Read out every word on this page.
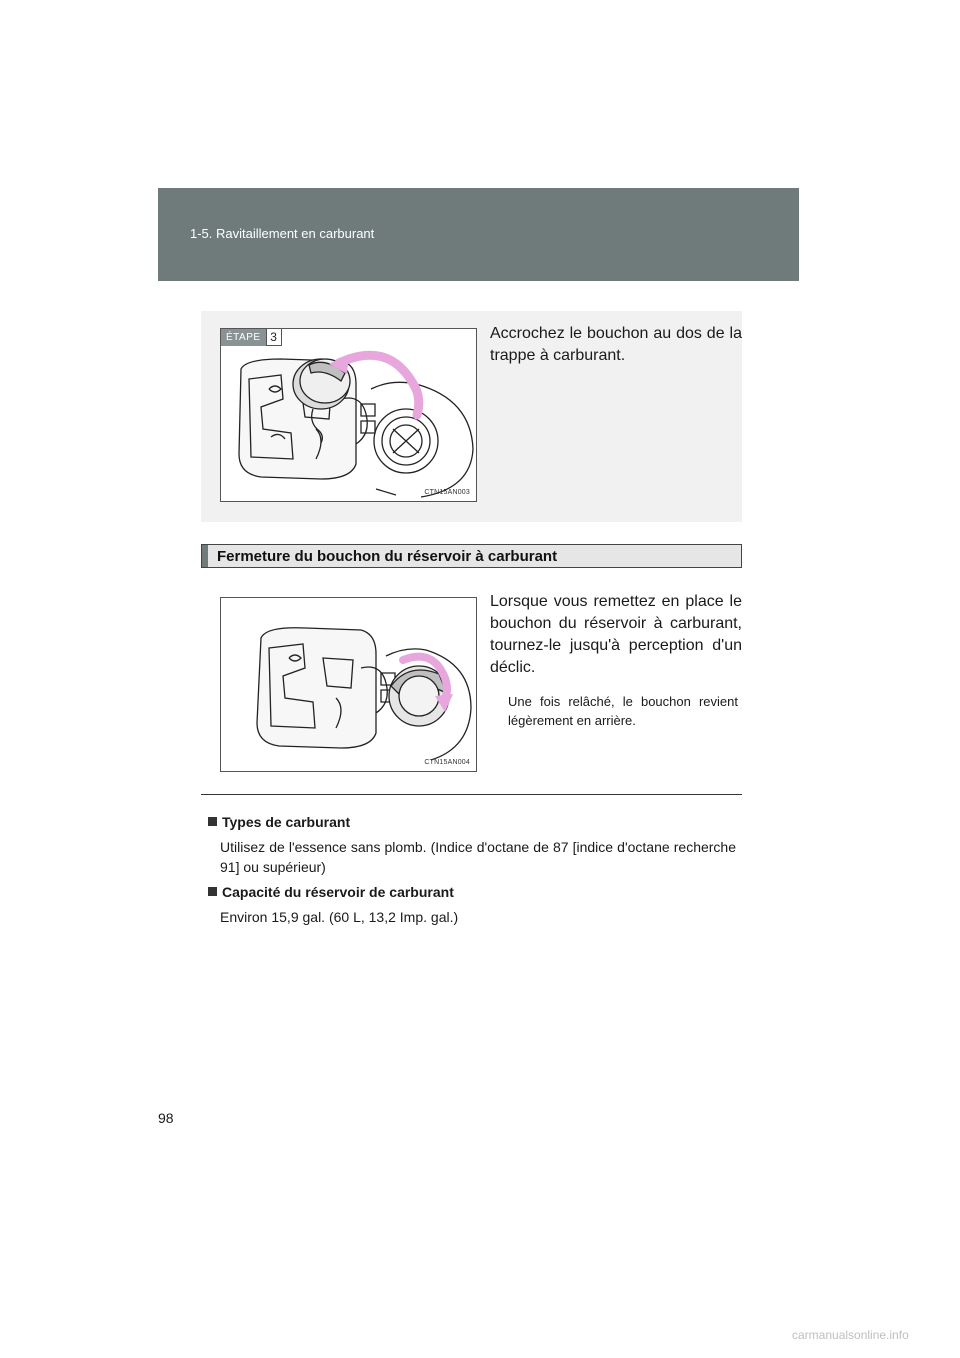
1-5. Ravitaillement en carburant
ÉTAPE 3
CTN15AN003

Accrochez le bouchon au dos de la trappe à carburant.

Fermeture du bouchon du réservoir à carburant
CTN15AN004

Lorsque vous remettez en place le bouchon du réservoir à carburant, tournez-le jusqu'à perception d'un déclic.

Une fois relâché, le bouchon revient légèrement en arrière.

Types de carburant

Utilisez de l'essence sans plomb. (Indice d'octane de 87 [indice d'octane recherche 91] ou supérieur)

Capacité du réservoir de carburant

Environ 15,9 gal. (60 L, 13,2 Imp. gal.)

98
carmanualsonline.info
